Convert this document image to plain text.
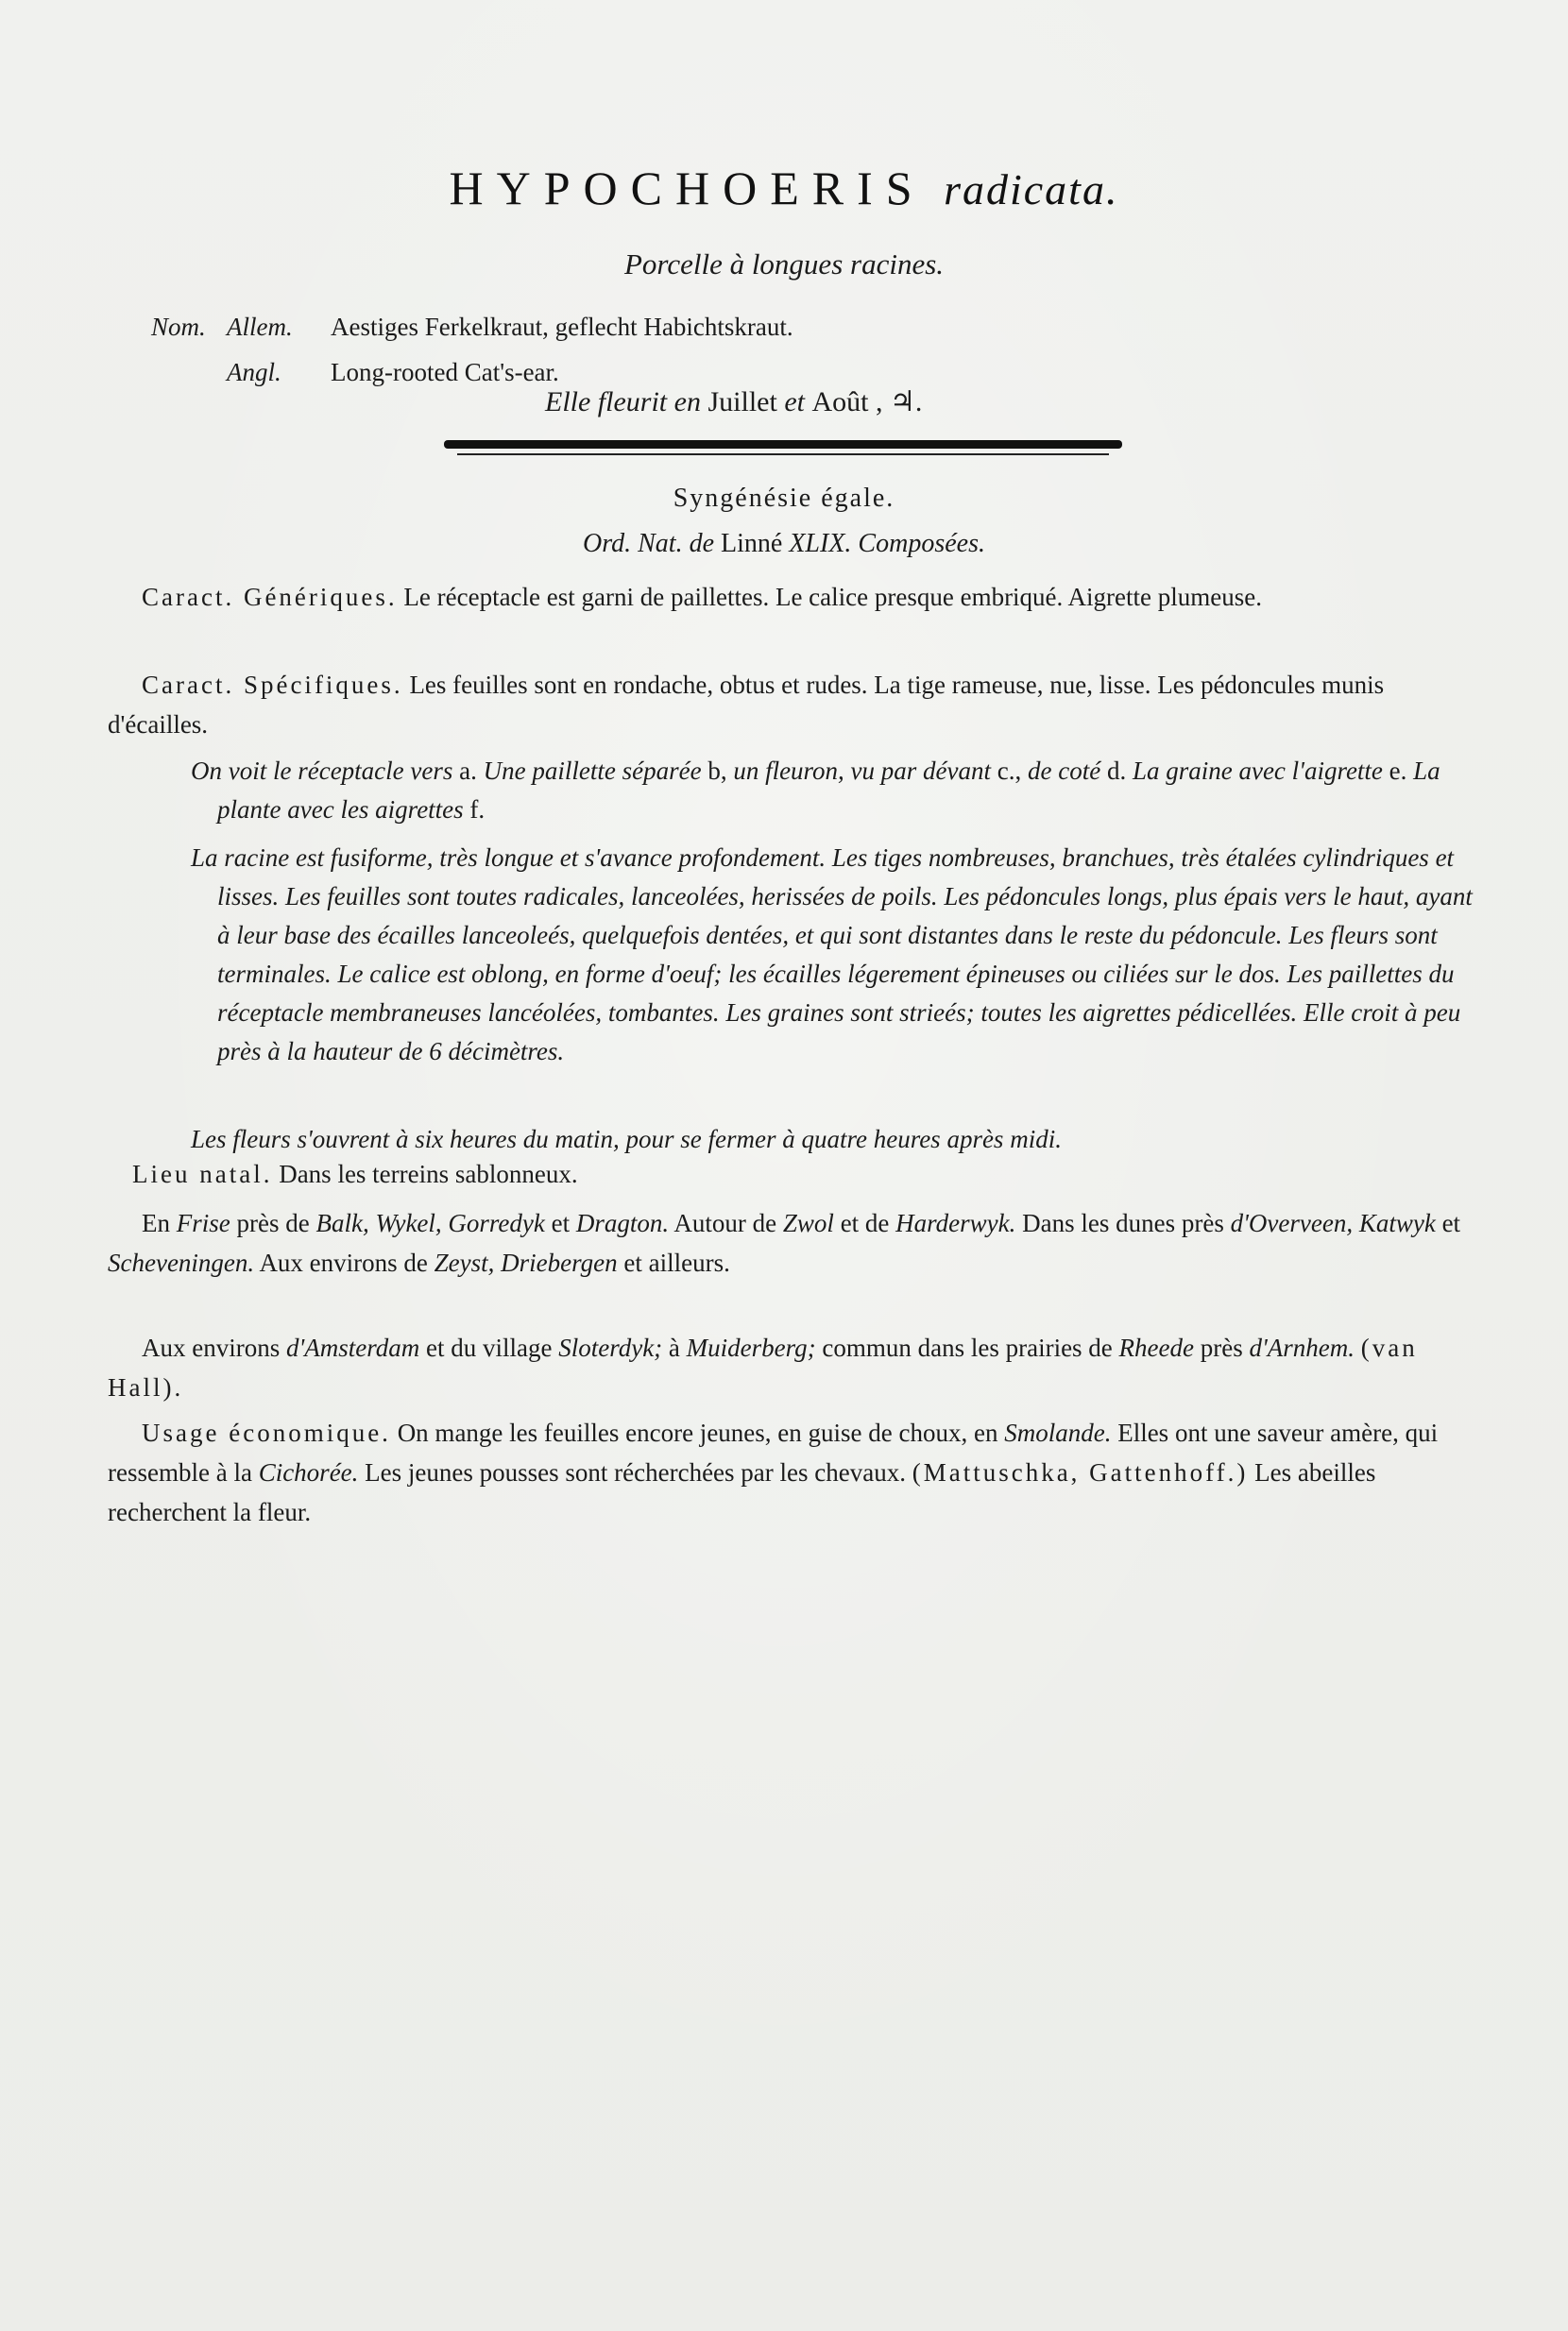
HYPOCHOERIS radicata.
Porcelle à longues racines.
Nom. Allem. Aestiges Ferkelkraut, geflecht Habichtskraut.
Angl. Long-rooted Cat's-ear.
Elle fleurit en Juillet et Août , ♃.
Syngénésie égale.
Ord. Nat. de Linné XLIX. Composées.
Caract. Génériques. Le réceptacle est garni de paillettes. Le calice presque embriqué. Aigrette plumeuse.
Caract. Spécifiques. Les feuilles sont en rondache, obtus et rudes. La tige rameuse, nue, lisse. Les pédoncules munis d'écailles.
On voit le réceptacle vers a. Une paillette séparée b, un fleuron, vu par dévant c., de coté d. La graine avec l'aigrette e. La plante avec les aigrettes f.
La racine est fusiforme, très longue et s'avance profondement. Les tiges nombreuses, branchues, très étalées cylindriques et lisses. Les feuilles sont toutes radicales, lanceolées, herissées de poils. Les pédoncules longs, plus épais vers le haut, ayant à leur base des écailles lanceoleés, quelquefois dentées, et qui sont distantes dans le reste du pédoncule. Les fleurs sont terminales. Le calice est oblong, en forme d'oeuf; les écailles légerement épineuses ou ciliées sur le dos. Les paillettes du réceptacle membraneuses lancéolées, tombantes. Les graines sont strieés; toutes les aigrettes pédicellées. Elle croit à peu près à la hauteur de 6 décimètres.
Les fleurs s'ouvrent à six heures du matin, pour se fermer à quatre heures après midi.
Lieu natal. Dans les terreins sablonneux.
En Frise près de Balk, Wykel, Gorredyk et Dragton. Autour de Zwol et de Harderwyk. Dans les dunes près d'Overveen, Katwyk et Scheveningen. Aux environs de Zeyst, Driebergen et ailleurs.
Aux environs d'Amsterdam et du village Sloterdyk; à Muiderberg; commun dans les prairies de Rheede près d'Arnhem. (van Hall).
Usage économique. On mange les feuilles encore jeunes, en guise de choux, en Smolande. Elles ont une saveur amère, qui ressemble à la Cichorée. Les jeunes pousses sont récherchées par les chevaux. (Mattuschka, Gattenhoff.) Les abeilles recherchent la fleur.
